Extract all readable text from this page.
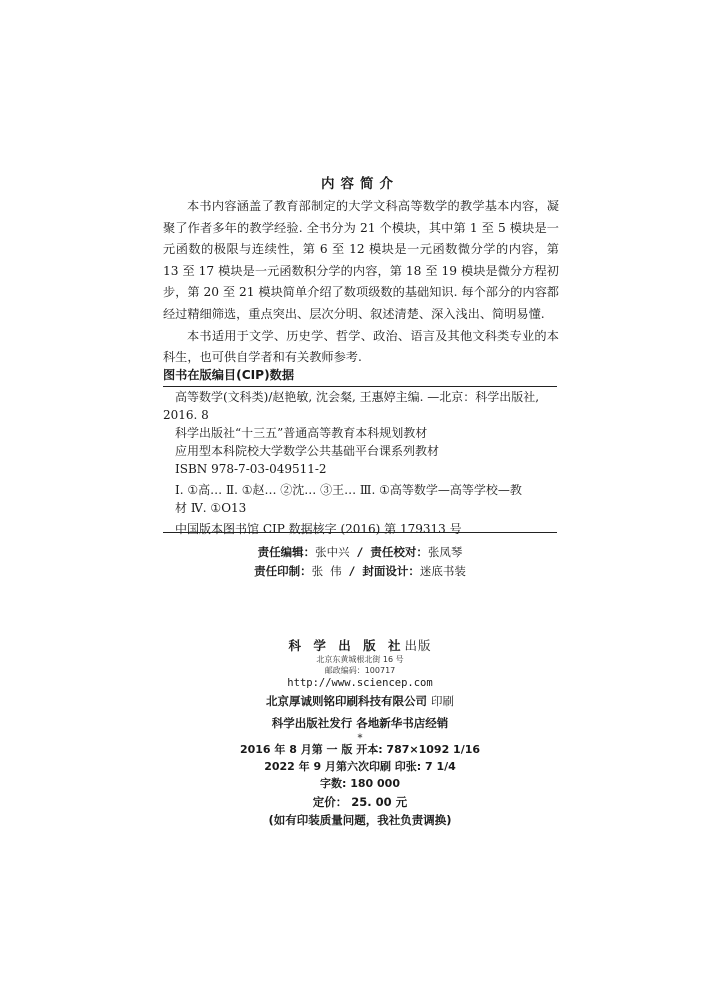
内容简介

本书内容涵盖了教育部制定的大学文科高等数学的教学基本内容，凝聚了作者多年的教学经验. 全书分为 21 个模块，其中第 1 至 5 模块是一元函数的极限与连续性，第 6 至 12 模块是一元函数微分学的内容，第 13 至 17 模块是一元函数积分学的内容，第 18 至 19 模块是微分方程初步，第 20 至 21 模块简单介绍了数项级数的基础知识. 每个部分的内容都经过精细筛选，重点突出、层次分明、叙述清楚、深入浅出、简明易懂.

本书适用于文学、历史学、哲学、政治、语言及其他文科类专业的本科生，也可供自学者和有关教师参考.

图书在版编目(CIP)数据
高等数学(文科类)/赵艳敏, 沈会粲, 王惠婷主编. —北京：科学出版社,
2016. 8
科学出版社“十三五”普通高等教育本科规划教材
应用型本科院校大学数学公共基础平台课系列教材
ISBN 978-7-03-049511-2
Ⅰ. ①高… Ⅱ. ①赵… ②沈… ③王… Ⅲ. ①高等数学—高等学校—教
材 Ⅳ. ①O13
中国版本图书馆 CIP 数据核字 (2016) 第 179313 号
责任编辑：张中兴 / 责任校对：张凤琴
责任印制：张 伟 / 封面设计：迷底书装
科 学 出 版 社出版
北京东黄城根北街 16 号
邮政编码：100717
http://www.sciencep.com
北京厚诚则铭印刷科技有限公司 印刷
科学出版社发行 各地新华书店经销
*
2016 年 8 月第 一 版 开本: 787×1092 1/16
2022 年 9 月第六次印刷 印张: 7 1/4
字数: 180 000
定价： 25. 00 元
(如有印装质量问题，我社负责调换)
